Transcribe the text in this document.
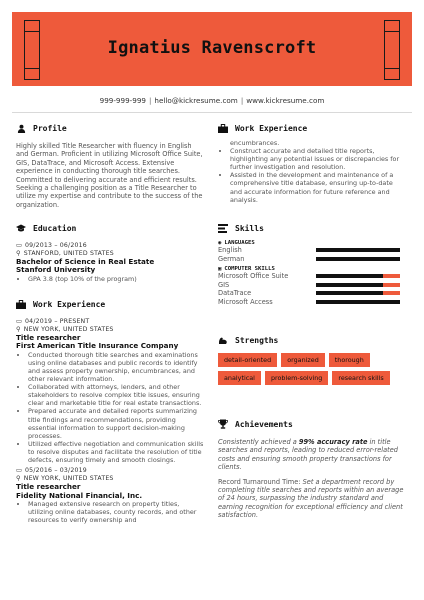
Ignatius Ravenscroft
999-999-999 | hello@kickresume.com | www.kickresume.com
Profile
Highly skilled Title Researcher with fluency in English and German. Proficient in utilizing Microsoft Office Suite, GIS, DataTrace, and Microsoft Access. Extensive experience in conducting thorough title searches. Committed to delivering accurate and efficient results. Seeking a challenging position as a Title Researcher to utilize my expertise and contribute to the success of the organization.
Education
▭ 09/2013 – 06/2016
⚲ STANFORD, UNITED STATES
Bachelor of Science in Real Estate
Stanford University
• GPA 3.8 (top 10% of the program)
Work Experience
▭ 04/2019 – PRESENT
⚲ NEW YORK, UNITED STATES
Title researcher
First American Title Insurance Company
• Conducted thorough title searches and examinations using online databases and public records to identify and assess property ownership, encumbrances, and other relevant information.
• Collaborated with attorneys, lenders, and other stakeholders to resolve complex title issues, ensuring clear and marketable title for real estate transactions.
• Prepared accurate and detailed reports summarizing title findings and recommendations, providing essential information to support decision-making processes.
• Utilized effective negotiation and communication skills to resolve disputes and facilitate the resolution of title defects, ensuring timely and smooth closings.
▭ 05/2016 – 03/2019
⚲ NEW YORK, UNITED STATES
Title researcher
Fidelity National Financial, Inc.
• Managed extensive research on property titles, utilizing online databases, county records, and other resources to verify ownership and
Work Experience
encumbrances.
• Construct accurate and detailed title reports, highlighting any potential issues or discrepancies for further investigation and resolution.
• Assisted in the development and maintenance of a comprehensive title database, ensuring up-to-date and accurate information for future reference and analysis.
Skills
◉ LANGUAGES
English
German
▣ COMPUTER SKILLS
Microsoft Office Suite
GIS
DataTrace
Microsoft Access
Strengths
detail-oriented	organized	thorough
analytical	problem-solving	research skills
Achievements
Consistently achieved a 99% accuracy rate in title searches and reports, leading to reduced error-related costs and ensuring smooth property transactions for clients.
Record Turnaround Time: Set a department record by completing title searches and reports within an average of 24 hours, surpassing the industry standard and earning recognition for exceptional efficiency and client satisfaction.
